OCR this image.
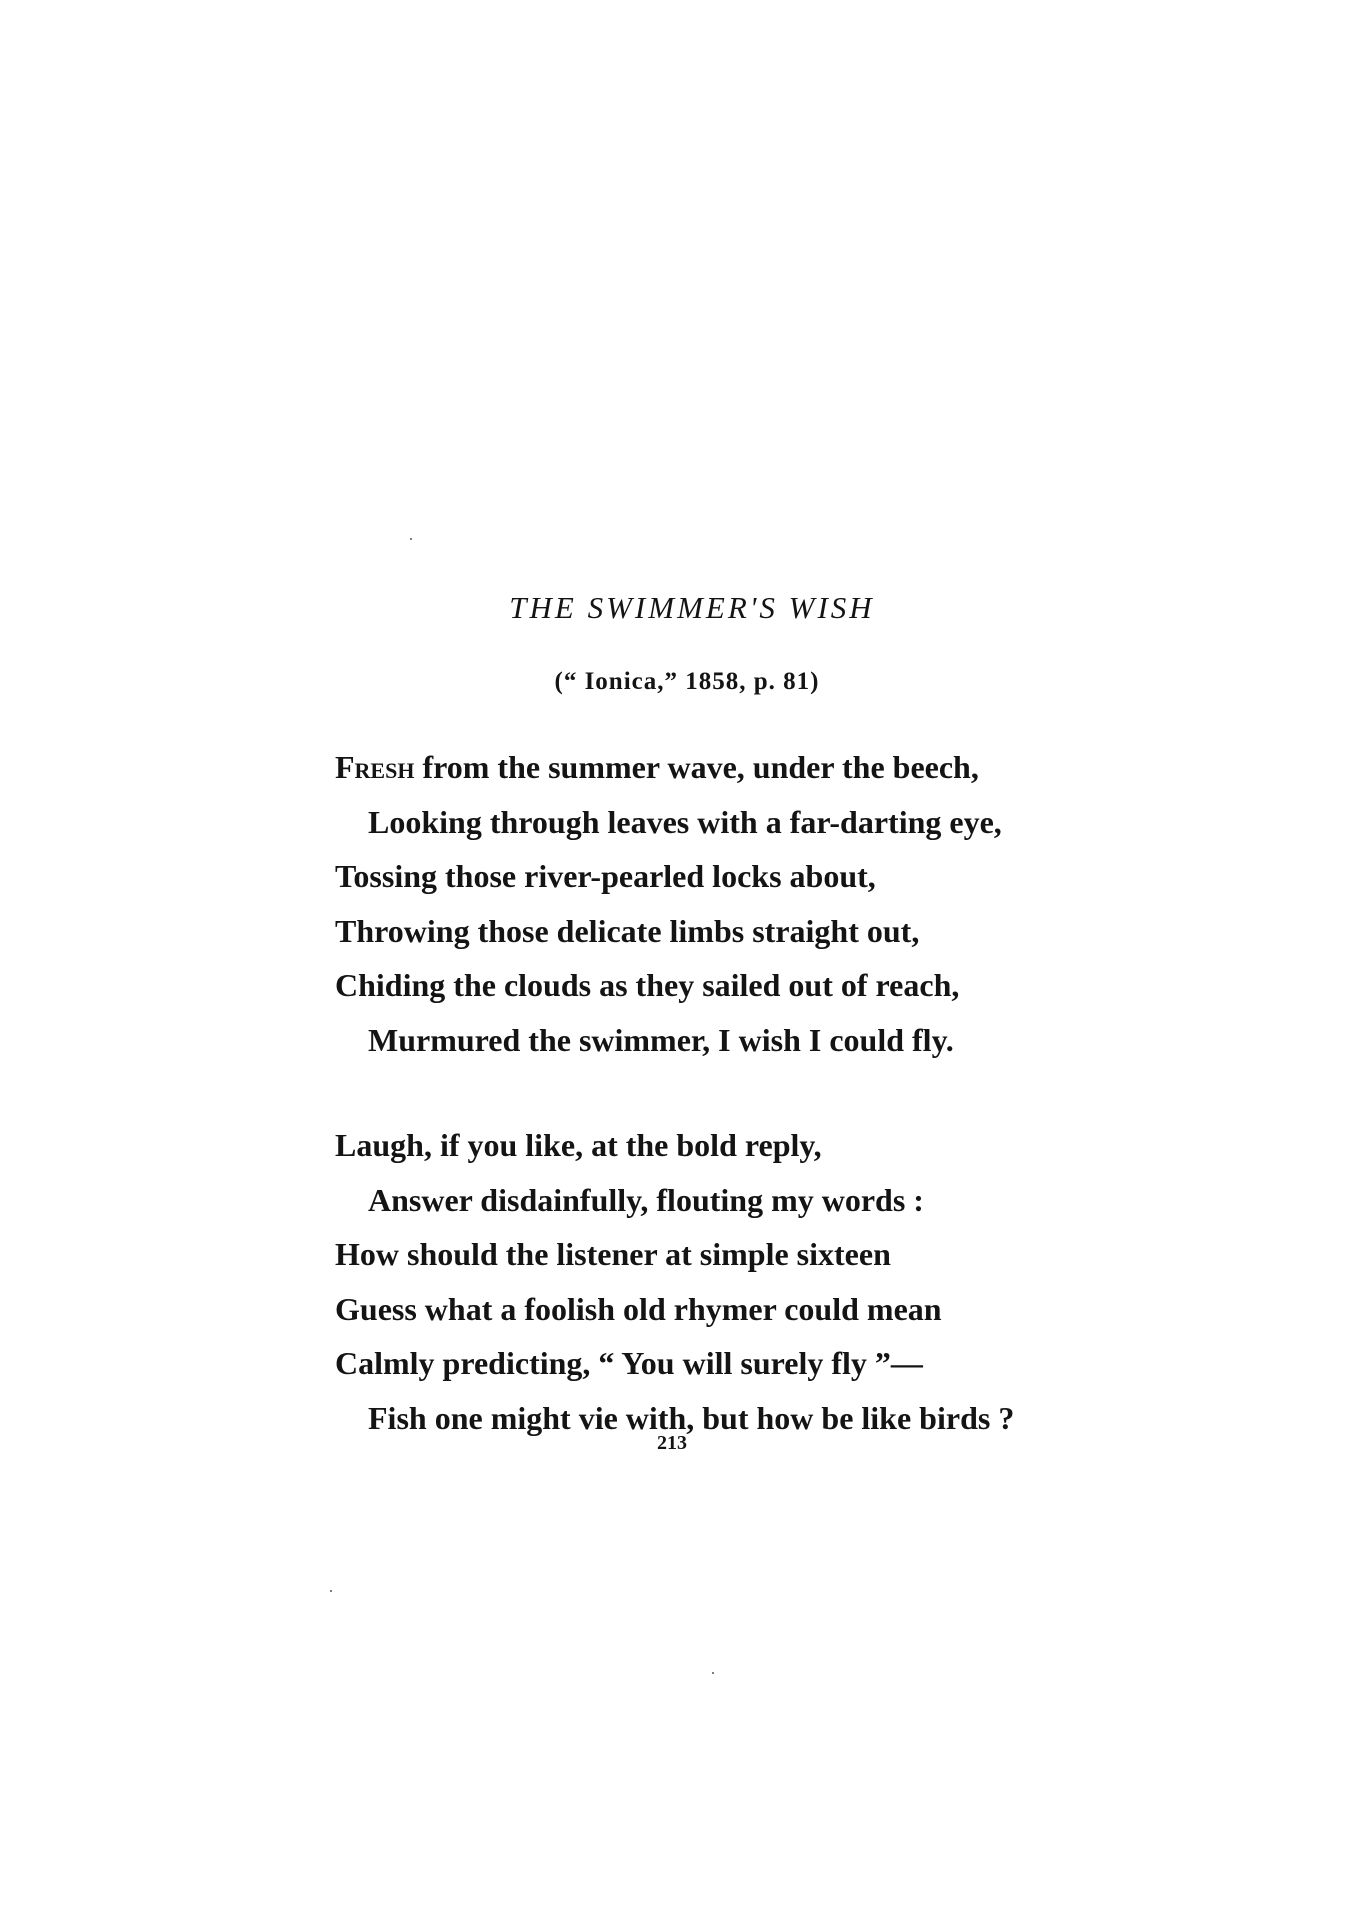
THE SWIMMER'S WISH
(“ Ionica,” 1858, p. 81)
Fresh from the summer wave, under the beech,
Looking through leaves with a far-darting eye,
Tossing those river-pearled locks about,
Throwing those delicate limbs straight out,
Chiding the clouds as they sailed out of reach,
Murmured the swimmer, I wish I could fly.
Laugh, if you like, at the bold reply,
Answer disdainfully, flouting my words :
How should the listener at simple sixteen
Guess what a foolish old rhymer could mean
Calmly predicting, “ You will surely fly ”—
Fish one might vie with, but how be like birds ?
213
